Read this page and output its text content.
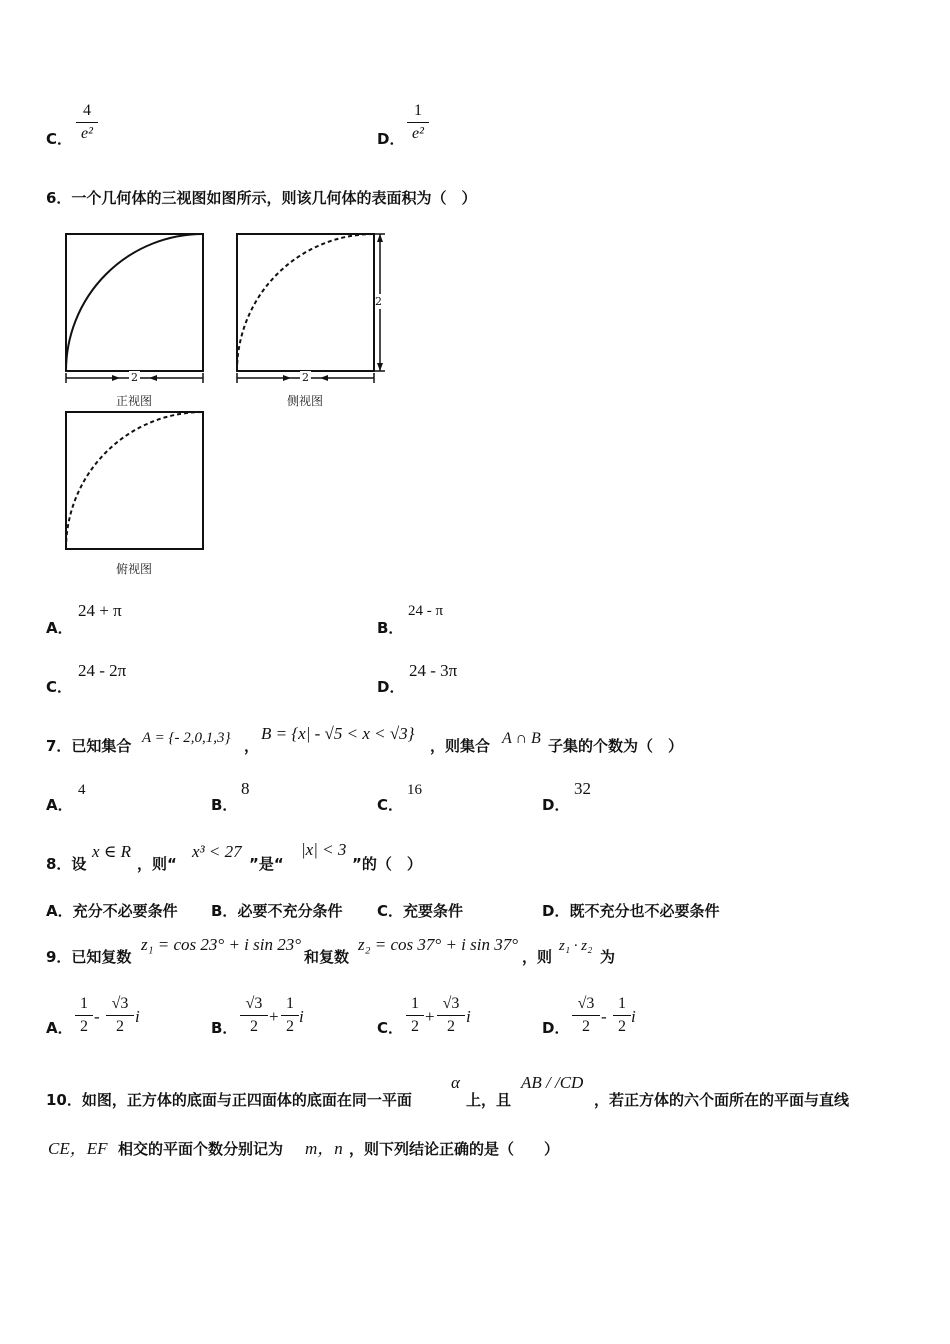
C．
4
e²	D．
1
e²
6．一个几何体的三视图如图所示，则该几何体的表面积为（　）
2
正视图
2
2
侧视图
俯视图
A．
24 + π
B．
24 - π
C．
24 - 2π
D．
24 - 3π
7．已知集合 A = {- 2,0,1,3} ，
B = {x| - √5 < x < √3}
，则集合 A ∩ B 子集的个数为（　）
A．
4
B．
8
C．
16
D．
32
8．设
x ∈ R
，则“
x³ < 27
”是“
|x| < 3
”的（　）
A．充分不必要条件 B．必要不充分条件 C．充要条件	D．既不充分也不必要条件
9．已知复数
z₁ = cos 23° + i sin 23°
和复数
z₂ = cos 37° + i sin 37°
，则
z₁ · z₂
为
A．
1
2
-
√3
2
i
B．
√3
2
+
1
2
i
C．
1
2
+
√3
2
i
D．
√3
2
-
1
2
i
10．如图，正方体的底面与正四面体的底面在同一平面
α
上，且
AB / /CD
，若正方体的六个面所在的平面与直线
CE，EF 相交的平面个数分别记为 m，n ，则下列结论正确的是（　　）
